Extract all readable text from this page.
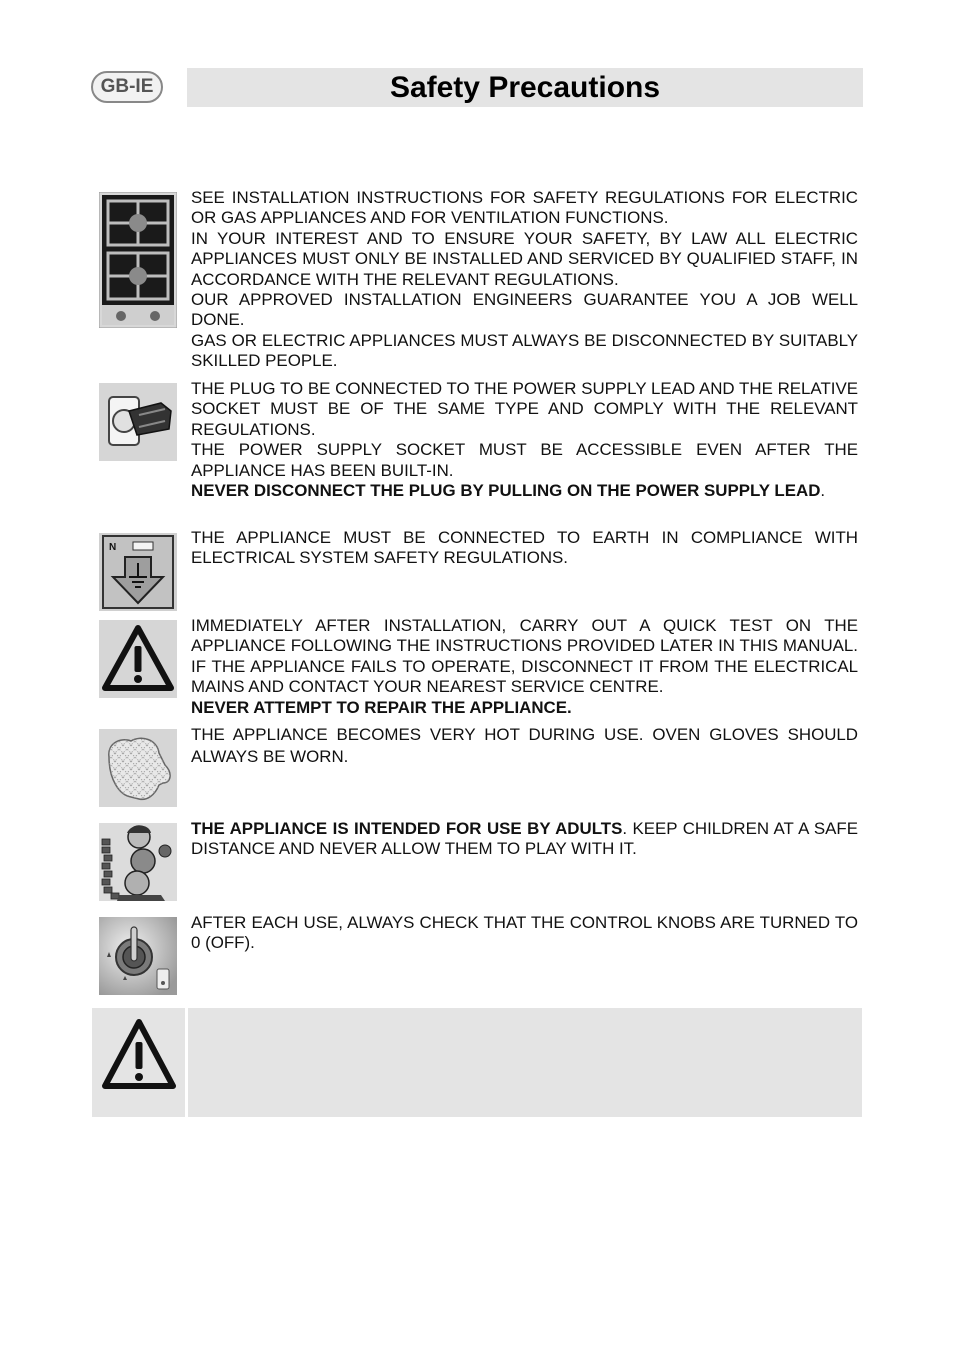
GB-IE	Safety Precautions

SEE INSTALLATION INSTRUCTIONS FOR SAFETY REGULATIONS FOR ELECTRIC OR GAS APPLIANCES AND FOR VENTILATION FUNCTIONS.

IN YOUR INTEREST AND TO ENSURE YOUR SAFETY, BY LAW ALL ELECTRIC APPLIANCES MUST ONLY BE INSTALLED AND SERVICED BY QUALIFIED STAFF, IN ACCORDANCE WITH THE RELEVANT REGULATIONS.

OUR APPROVED INSTALLATION ENGINEERS GUARANTEE YOU A JOB WELL DONE.

GAS OR ELECTRIC APPLIANCES MUST ALWAYS BE DISCONNECTED BY SUITABLY SKILLED PEOPLE.

THE PLUG TO BE CONNECTED TO THE POWER SUPPLY LEAD AND THE RELATIVE SOCKET MUST BE OF THE SAME TYPE AND COMPLY WITH THE RELEVANT REGULATIONS.

THE POWER SUPPLY SOCKET MUST BE ACCESSIBLE EVEN AFTER THE APPLIANCE HAS BEEN BUILT-IN.

NEVER DISCONNECT THE PLUG BY PULLING ON THE POWER SUPPLY LEAD.

N

THE APPLIANCE MUST BE CONNECTED TO EARTH IN COMPLIANCE WITH ELECTRICAL SYSTEM SAFETY REGULATIONS.

IMMEDIATELY AFTER INSTALLATION, CARRY OUT A QUICK TEST ON THE APPLIANCE FOLLOWING THE INSTRUCTIONS PROVIDED LATER IN THIS MANUAL. IF THE APPLIANCE FAILS TO OPERATE, DISCONNECT IT FROM THE ELECTRICAL MAINS AND CONTACT YOUR NEAREST SERVICE CENTRE.

NEVER ATTEMPT TO REPAIR THE APPLIANCE.

THE APPLIANCE BECOMES VERY HOT DURING USE. OVEN GLOVES SHOULD ALWAYS BE WORN.

THE APPLIANCE IS INTENDED FOR USE BY ADULTS. KEEP CHILDREN AT A SAFE DISTANCE AND NEVER ALLOW THEM TO PLAY WITH IT.

AFTER EACH USE, ALWAYS CHECK THAT THE CONTROL KNOBS ARE TURNED TO 0 (OFF).
